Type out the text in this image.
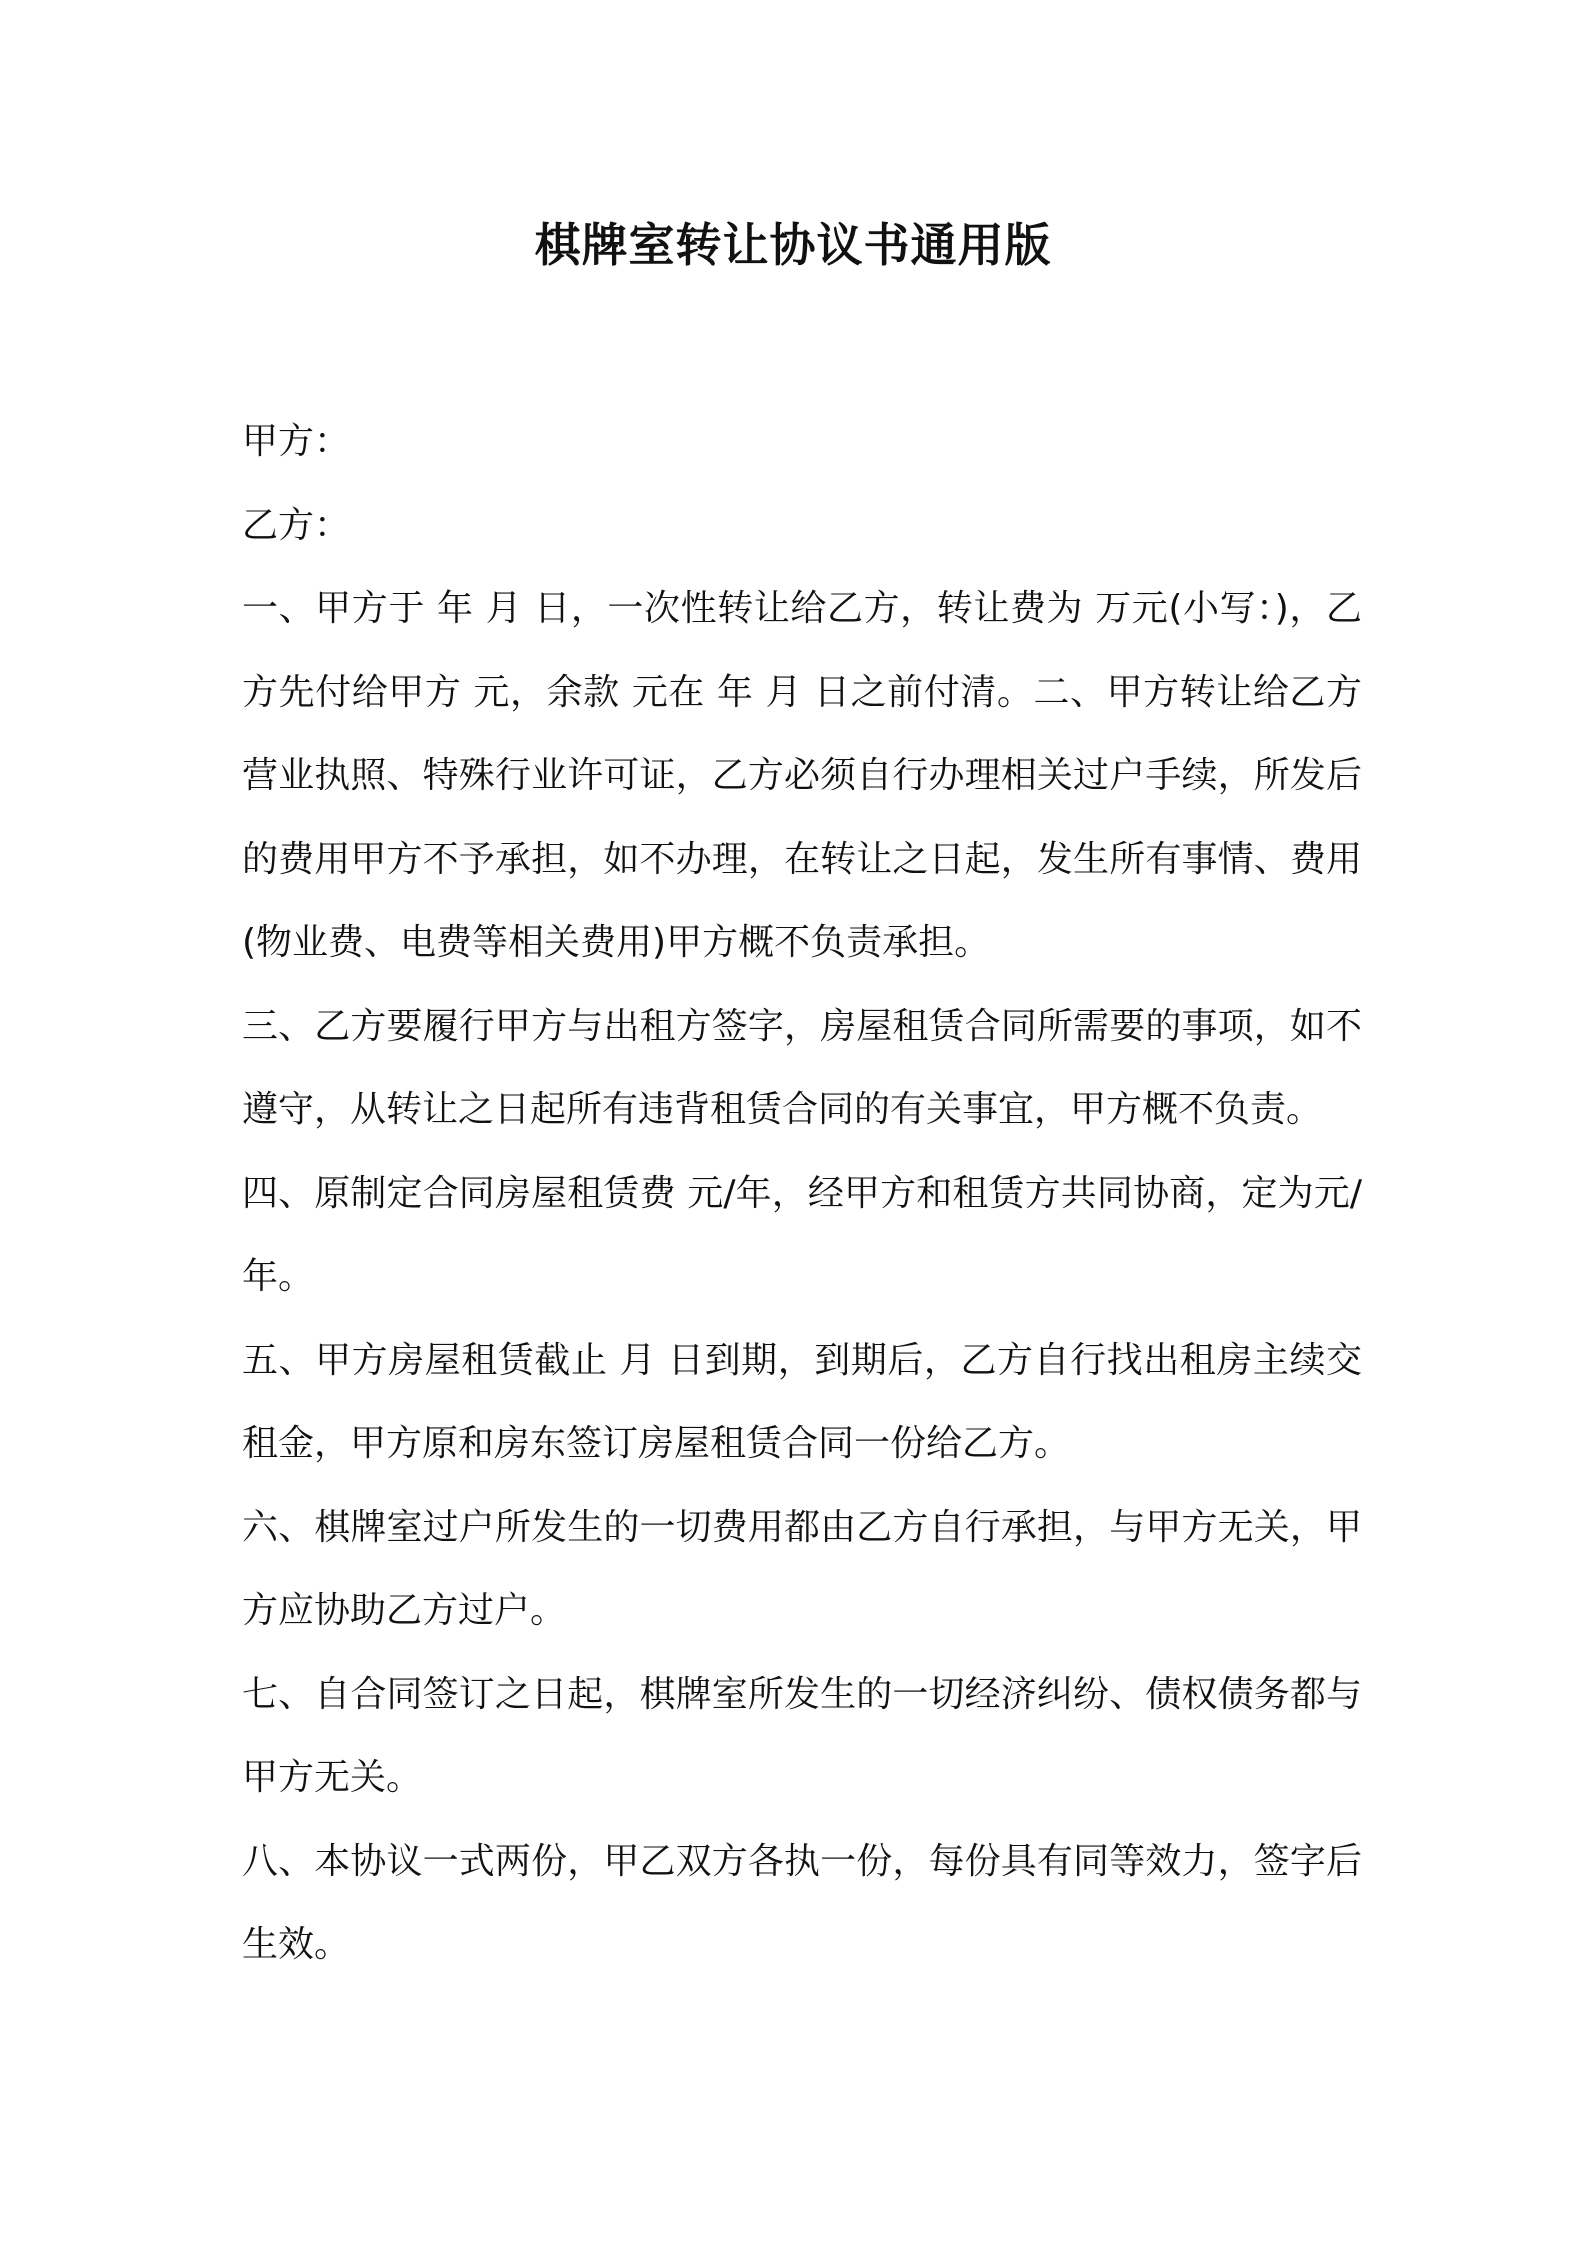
棋牌室转让协议书通用版

甲方：

乙方：

一、甲方于 年 月 日，一次性转让给乙方，转让费为 万元(小写：)，乙方先付给甲方 元，余款 元在 年 月 日之前付清。二、甲方转让给乙方营业执照、特殊行业许可证，乙方必须自行办理相关过户手续，所发后的费用甲方不予承担，如不办理，在转让之日起，发生所有事情、费用(物业费、电费等相关费用)甲方概不负责承担。

三、乙方要履行甲方与出租方签字，房屋租赁合同所需要的事项，如不遵守，从转让之日起所有违背租赁合同的有关事宜，甲方概不负责。

四、原制定合同房屋租赁费 元/年，经甲方和租赁方共同协商，定为元/年。

五、甲方房屋租赁截止 月 日到期，到期后，乙方自行找出租房主续交租金，甲方原和房东签订房屋租赁合同一份给乙方。

六、棋牌室过户所发生的一切费用都由乙方自行承担，与甲方无关，甲方应协助乙方过户。

七、自合同签订之日起，棋牌室所发生的一切经济纠纷、债权债务都与甲方无关。

八、本协议一式两份，甲乙双方各执一份，每份具有同等效力，签字后生效。
